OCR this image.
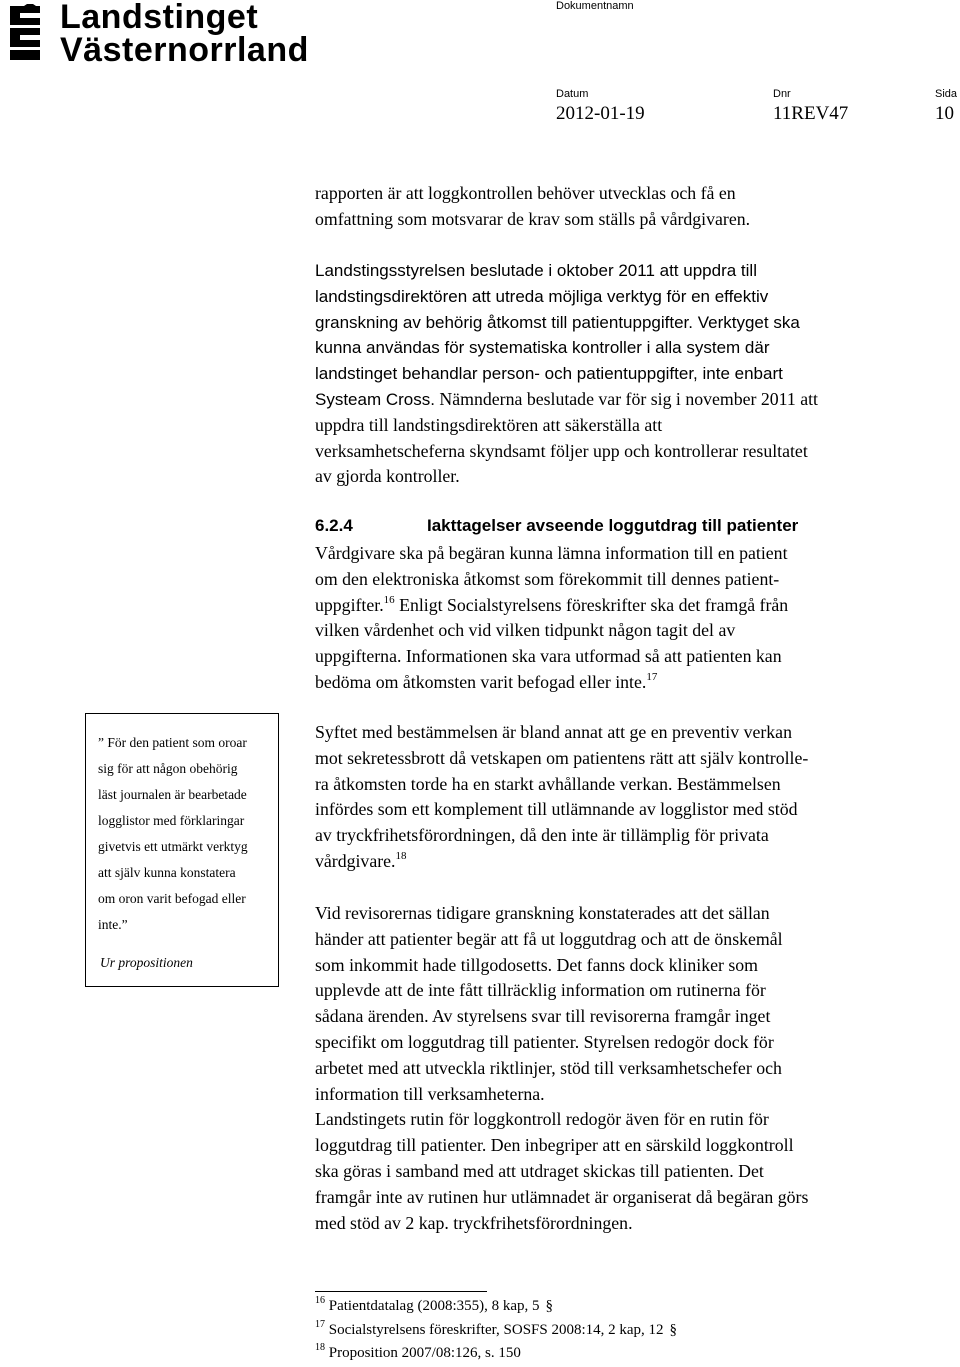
Landstinget
Västernorrland
Dokumentnamn
Datum
2012-01-19
Dnr
11REV47
Sida
10
rapporten är att loggkontrollen behöver utvecklas och få en
omfattning som motsvarar de krav som ställs på vårdgivaren.
Landstingsstyrelsen beslutade i oktober 2011 att uppdra till
landstingsdirektören att utreda möjliga verktyg för en effektiv
granskning av behörig åtkomst till patientuppgifter. Verktyget ska
kunna användas för systematiska kontroller i alla system där
landstinget behandlar person- och patientuppgifter, inte enbart
Systeam Cross. Nämnderna beslutade var för sig i november 2011 att
uppdra till landstingsdirektören att säkerställa att
verksamhetscheferna skyndsamt följer upp och kontrollerar resultatet
av gjorda kontroller.
6.2.4	Iakttagelser avseende loggutdrag till patienter
Vårdgivare ska på begäran kunna lämna information till en patient
om den elektroniska åtkomst som förekommit till dennes patient-
uppgifter.$^{16}$ Enligt Socialstyrelsens föreskrifter ska det framgå från
vilken vårdenhet och vid vilken tidpunkt någon tagit del av
uppgifterna. Informationen ska vara utformad så att patienten kan
bedöma om åtkomsten varit befogad eller inte.$^{17}$
Syftet med bestämmelsen är bland annat att ge en preventiv verkan
mot sekretessbrott då vetskapen om patientens rätt att själv kontrolle-
ra åtkomsten torde ha en starkt avhållande verkan. Bestämmelsen
infördes som ett komplement till utlämnande av logglistor med stöd
av tryckfrihetsförordningen, då den inte är tillämplig för privata
vårdgivare.$^{18}$
Vid revisorernas tidigare granskning konstaterades att det sällan
händer att patienter begär att få ut loggutdrag och att de önskemål
som inkommit hade tillgodosetts. Det fanns dock kliniker som
upplevde att de inte fått tillräcklig information om rutinerna för
sådana ärenden. Av styrelsens svar till revisorerna framgår inget
specifikt om loggutdrag till patienter. Styrelsen redogör dock för
arbetet med att utveckla riktlinjer, stöd till verksamhetschefer och
information till verksamheterna.
Landstingets rutin för loggkontroll redogör även för en rutin för
loggutdrag till patienter. Den inbegriper att en särskild loggkontroll
ska göras i samband med att utdraget skickas till patienten. Det
framgår inte av rutinen hur utlämnadet är organiserat då begäran görs
med stöd av 2 kap. tryckfrihetsförordningen.
” För den patient som oroar
sig för att någon obehörig
läst journalen är bearbetade
logglistor med förklaringar
givetvis ett utmärkt verktyg
att själv kunna konstatera
om oron varit befogad eller
inte.”
Ur propositionen
$^{16}$ Patientdatalag (2008:355), 8 kap, 5 §
$^{17}$ Socialstyrelsens föreskrifter, SOSFS 2008:14, 2 kap, 12 §
$^{18}$ Proposition 2007/08:126, s. 150
